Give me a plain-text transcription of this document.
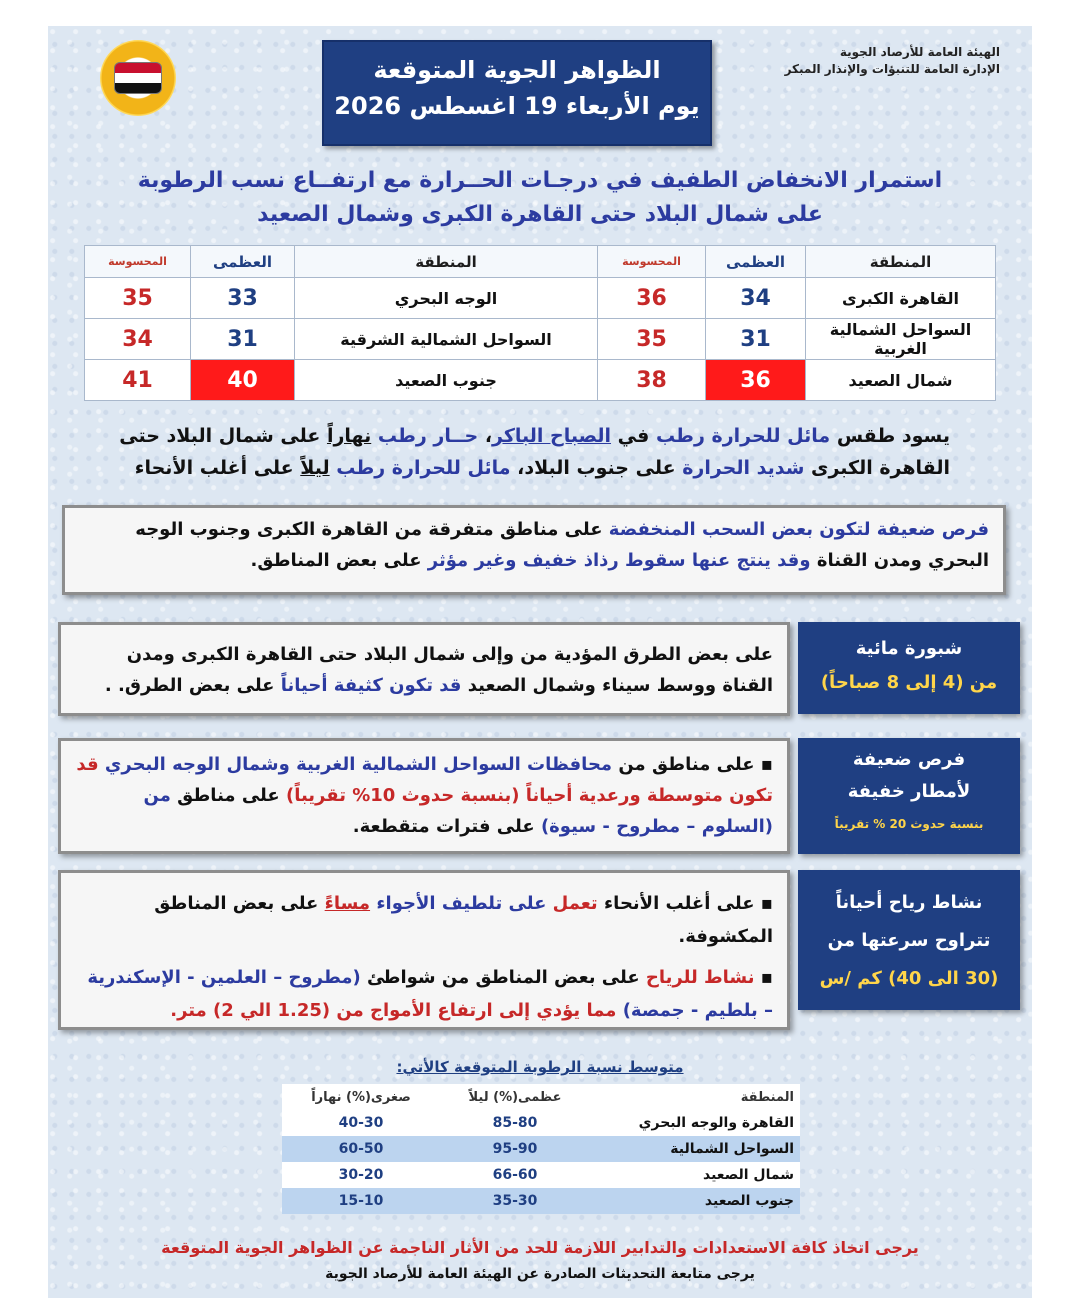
الهيئة العامة للأرصاد الجوية
الإدارة العامة للتنبؤات والإنذار المبكر
الظواهر الجوية المتوقعة
يوم الأربعاء 19 اغسطس 2026
استمرار الانخفاض الطفيف في درجـات الحــرارة مع ارتفــاع نسب الرطوبة
على شمال البلاد حتى القاهرة الكبرى وشمال الصعيد
المنطقة	العظمى	المحسوسة	المنطقة	العظمى	المحسوسة
القاهرة الكبرى	34	36	الوجه البحري	33	35
السواحل الشمالية الغربية	31	35	السواحل الشمالية الشرقية	31	34
شمال الصعيد	36	38	جنوب الصعيد	40	41
يسود طقس مائل للحرارة رطب في الصباح الباكر، حــار رطب نهاراً على شمال البلاد حتى القاهرة الكبرى شديد الحرارة على جنوب البلاد، مائل للحرارة رطب ليلاً على أغلب الأنحاء
فرص ضعيفة لتكون بعض السحب المنخفضة على مناطق متفرقة من القاهرة الكبرى وجنوب الوجه البحري ومدن القناة وقد ينتج عنها سقوط رذاذ خفيف وغير مؤثر على بعض المناطق.
شبورة مائية
من (4 إلى 8 صباحاً)
على بعض الطرق المؤدية من وإلى شمال البلاد حتى القاهرة الكبرى ومدن القناة ووسط سيناء وشمال الصعيد قد تكون كثيفة أحياناً على بعض الطرق. .
فرص ضعيفة
لأمطار خفيفة
بنسبة حدوث 20 % تقريباً
▪ على مناطق من محافظات السواحل الشمالية الغربية وشمال الوجه البحري قد تكون متوسطة ورعدية أحياناً (بنسبة حدوث 10% تقريباً) على مناطق من (السلوم – مطروح - سيوة) على فترات متقطعة.
نشاط رياح أحياناً
تتراوح سرعتها من
(30 الى 40) كم /س
▪ على أغلب الأنحاء تعمل على تلطيف الأجواء مساءً على بعض المناطق المكشوفة.
▪ نشاط للرياح على بعض المناطق من شواطئ (مطروح – العلمين - الإسكندرية – بلطيم - جمصة) مما يؤدي إلى ارتفاع الأمواج من (1.25 الي 2) متر.
متوسط نسبة الرطوبة المتوقعة كالأتي:
المنطقة	عظمى(%) ليلاً	صغرى(%) نهاراً
القاهرة والوجه البحري	85-80	40-30
السواحل الشمالية	95-90	60-50
شمال الصعيد	66-60	30-20
جنوب الصعيد	35-30	15-10
يرجى اتخاذ كافة الاستعدادات والتدابير اللازمة للحد من الأثار الناجمة عن الظواهر الجوية المتوقعة
يرجى متابعة التحديثات الصادرة عن الهيئة العامة للأرصاد الجوية
